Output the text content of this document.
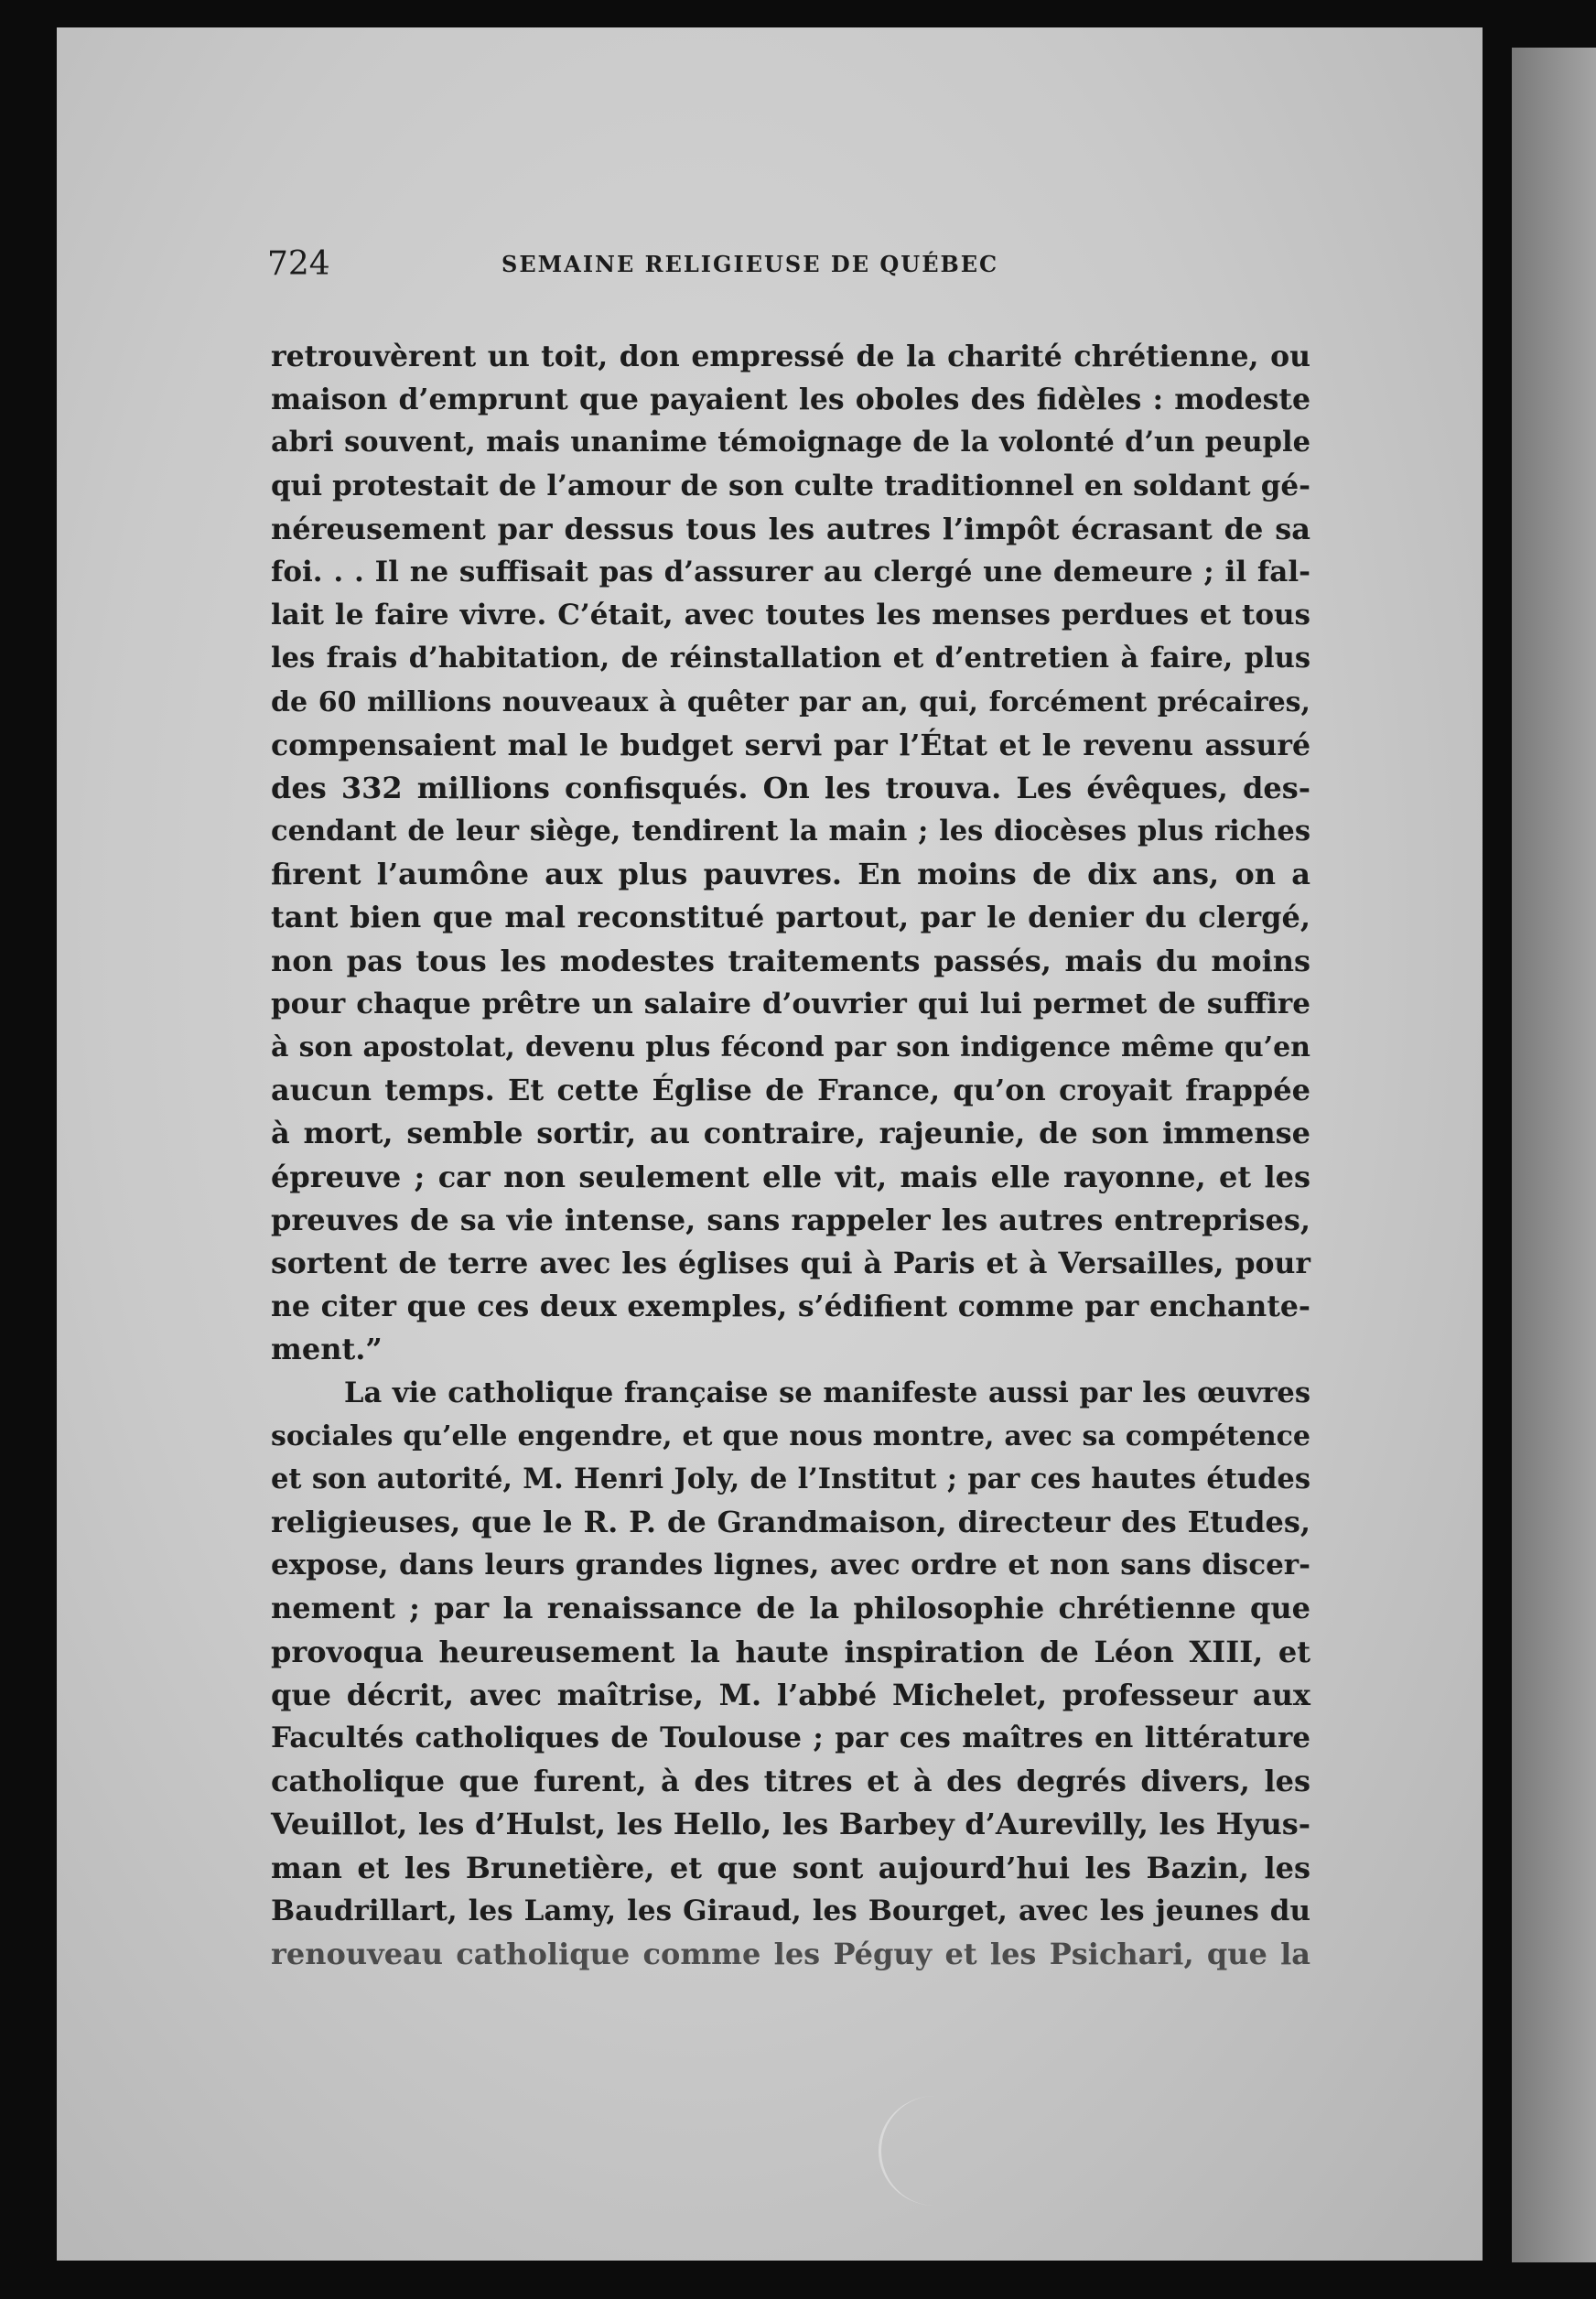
724	SEMAINE RELIGIEUSE DE QUÉBEC
retrouvèrent un toit, don empressé de la charité chrétienne, ou
maison d’emprunt que payaient les oboles des fidèles : modeste
abri souvent, mais unanime témoignage de la volonté d’un peuple
qui protestait de l’amour de son culte traditionnel en soldant gé-
néreusement par dessus tous les autres l’impôt écrasant de sa
foi. . . Il ne suffisait pas d’assurer au clergé une demeure ; il fal-
lait le faire vivre. C’était, avec toutes les menses perdues et tous
les frais d’habitation, de réinstallation et d’entretien à faire, plus
de 60 millions nouveaux à quêter par an, qui, forcément précaires,
compensaient mal le budget servi par l’État et le revenu assuré
des 332 millions confisqués. On les trouva. Les évêques, des-
cendant de leur siège, tendirent la main ; les diocèses plus riches
firent l’aumône aux plus pauvres. En moins de dix ans, on a
tant bien que mal reconstitué partout, par le denier du clergé,
non pas tous les modestes traitements passés, mais du moins
pour chaque prêtre un salaire d’ouvrier qui lui permet de suffire
à son apostolat, devenu plus fécond par son indigence même qu’en
aucun temps. Et cette Église de France, qu’on croyait frappée
à mort, semble sortir, au contraire, rajeunie, de son immense
épreuve ; car non seulement elle vit, mais elle rayonne, et les
preuves de sa vie intense, sans rappeler les autres entreprises,
sortent de terre avec les églises qui à Paris et à Versailles, pour
ne citer que ces deux exemples, s’édifient comme par enchante-
ment.”
La vie catholique française se manifeste aussi par les œuvres
sociales qu’elle engendre, et que nous montre, avec sa compétence
et son autorité, M. Henri Joly, de l’Institut ; par ces hautes études
religieuses, que le R. P. de Grandmaison, directeur des Etudes,
expose, dans leurs grandes lignes, avec ordre et non sans discer-
nement ; par la renaissance de la philosophie chrétienne que
provoqua heureusement la haute inspiration de Léon XIII, et
que décrit, avec maîtrise, M. l’abbé Michelet, professeur aux
Facultés catholiques de Toulouse ; par ces maîtres en littérature
catholique que furent, à des titres et à des degrés divers, les
Veuillot, les d’Hulst, les Hello, les Barbey d’Aurevilly, les Hyus-
man et les Brunetière, et que sont aujourd’hui les Bazin, les
Baudrillart, les Lamy, les Giraud, les Bourget, avec les jeunes du
renouveau catholique comme les Péguy et les Psichari, que la
